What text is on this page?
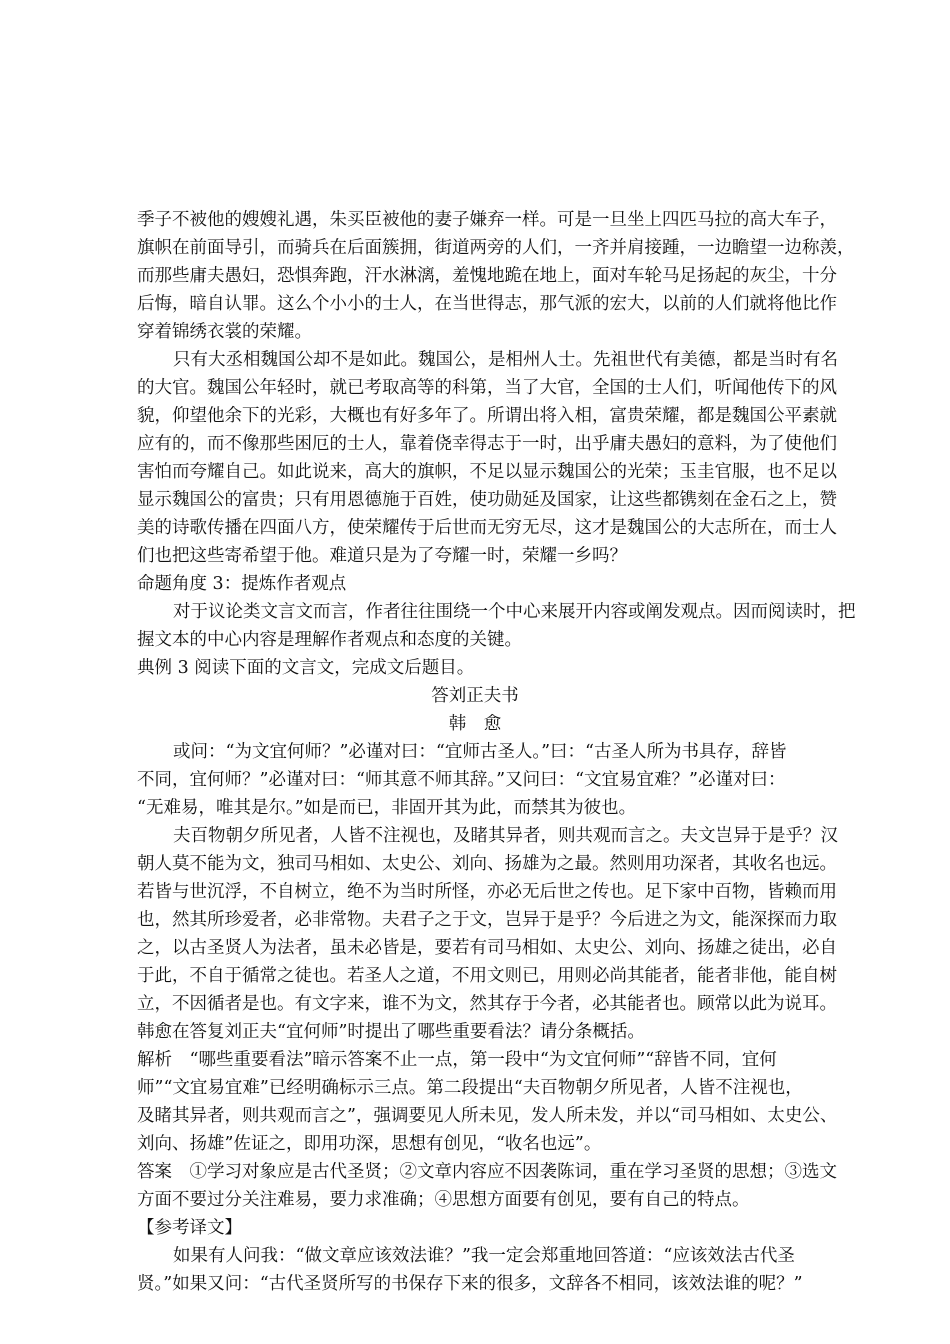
季子不被他的嫂嫂礼遇，朱买臣被他的妻子嫌弃一样。可是一旦坐上四匹马拉的高大车子，
旗帜在前面导引，而骑兵在后面簇拥，街道两旁的人们，一齐并肩接踵，一边瞻望一边称羡，
而那些庸夫愚妇，恐惧奔跑，汗水淋漓，羞愧地跪在地上，面对车轮马足扬起的灰尘，十分
后悔，暗自认罪。这么个小小的士人，在当世得志，那气派的宏大，以前的人们就将他比作
穿着锦绣衣裳的荣耀。
只有大丞相魏国公却不是如此。魏国公，是相州人士。先祖世代有美德，都是当时有名
的大官。魏国公年轻时，就已考取高等的科第，当了大官，全国的士人们，听闻他传下的风
貌，仰望他余下的光彩，大概也有好多年了。所谓出将入相，富贵荣耀，都是魏国公平素就
应有的，而不像那些困厄的士人，靠着侥幸得志于一时，出乎庸夫愚妇的意料，为了使他们
害怕而夸耀自己。如此说来，高大的旗帜，不足以显示魏国公的光荣；玉圭官服，也不足以
显示魏国公的富贵；只有用恩德施于百姓，使功勋延及国家，让这些都镌刻在金石之上，赞
美的诗歌传播在四面八方，使荣耀传于后世而无穷无尽，这才是魏国公的大志所在，而士人
们也把这些寄希望于他。难道只是为了夸耀一时，荣耀一乡吗？
命题角度 3：提炼作者观点
对于议论类文言文而言，作者往往围绕一个中心来展开内容或阐发观点。因而阅读时，把
握文本的中心内容是理解作者观点和态度的关键。
典例 3 阅读下面的文言文，完成文后题目。
答刘正夫书
韩　愈
或问：“为文宜何师？”必谨对曰：“宜师古圣人。”曰：“古圣人所为书具存，辞皆
不同，宜何师？”必谨对曰：“师其意不师其辞。”又问曰：“文宜易宜难？”必谨对曰：
“无难易，唯其是尔。”如是而已，非固开其为此，而禁其为彼也。
夫百物朝夕所见者，人皆不注视也，及睹其异者，则共观而言之。夫文岂异于是乎？汉
朝人莫不能为文，独司马相如、太史公、刘向、扬雄为之最。然则用功深者，其收名也远。
若皆与世沉浮，不自树立，绝不为当时所怪，亦必无后世之传也。足下家中百物，皆赖而用
也，然其所珍爱者，必非常物。夫君子之于文，岂异于是乎？今后进之为文，能深探而力取
之，以古圣贤人为法者，虽未必皆是，要若有司马相如、太史公、刘向、扬雄之徒出，必自
于此，不自于循常之徒也。若圣人之道，不用文则已，用则必尚其能者，能者非他，能自树
立，不因循者是也。有文字来，谁不为文，然其存于今者，必其能者也。顾常以此为说耳。
韩愈在答复刘正夫“宜何师”时提出了哪些重要看法？请分条概括。
解析　“哪些重要看法”暗示答案不止一点，第一段中“为文宜何师”“辞皆不同，宜何
师”“文宜易宜难”已经明确标示三点。第二段提出“夫百物朝夕所见者，人皆不注视也，
及睹其异者，则共观而言之”，强调要见人所未见，发人所未发，并以“司马相如、太史公、
刘向、扬雄”佐证之，即用功深，思想有创见，“收名也远”。
答案　①学习对象应是古代圣贤；②文章内容应不因袭陈词，重在学习圣贤的思想；③选文
方面不要过分关注难易，要力求准确；④思想方面要有创见，要有自己的特点。
【参考译文】
如果有人问我：“做文章应该效法谁？”我一定会郑重地回答道：“应该效法古代圣
贤。”如果又问：“古代圣贤所写的书保存下来的很多，文辞各不相同，该效法谁的呢？”
